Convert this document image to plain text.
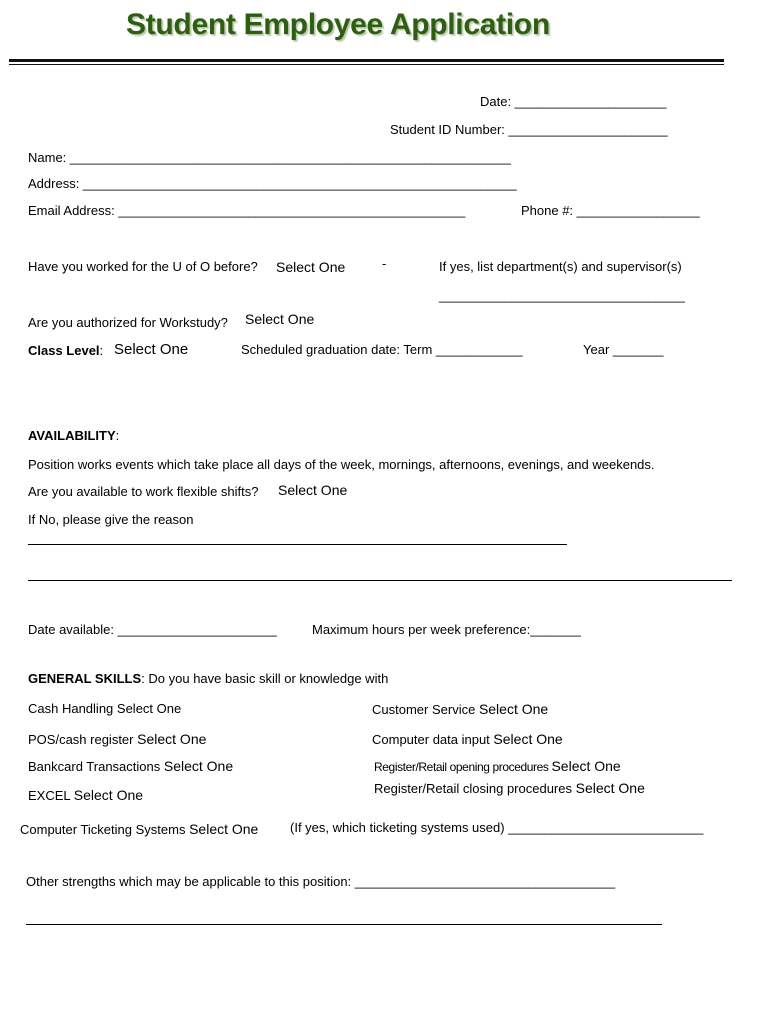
Student Employee Application
Date: _____________________
Student ID Number: ______________________
Name: _____________________________________________________________
Address: ____________________________________________________________
Email Address: ________________________________________________	Phone #: _________________
Have you worked for the U of O before? Select One	-	If yes, list department(s) and supervisor(s)
__________________________________
Are you authorized for Workstudy? Select One
Class Level: Select One	Scheduled graduation date: Term ____________	Year _______
AVAILABILITY:
Position works events which take place all days of the week, mornings, afternoons, evenings, and weekends.
Are you available to work flexible shifts? Select One
If No, please give the reason
Date available: ______________________	Maximum hours per week preference:_______
GENERAL SKILLS: Do you have basic skill or knowledge with
Cash Handling Select One	Customer Service Select One
POS/cash register Select One	Computer data input Select One
Bankcard Transactions Select One	Register/Retail opening procedures Select One
EXCEL Select One	Register/Retail closing procedures Select One
Computer Ticketing Systems Select One (If yes, which ticketing systems used) ___________________________
Other strengths which may be applicable to this position: ____________________________________
